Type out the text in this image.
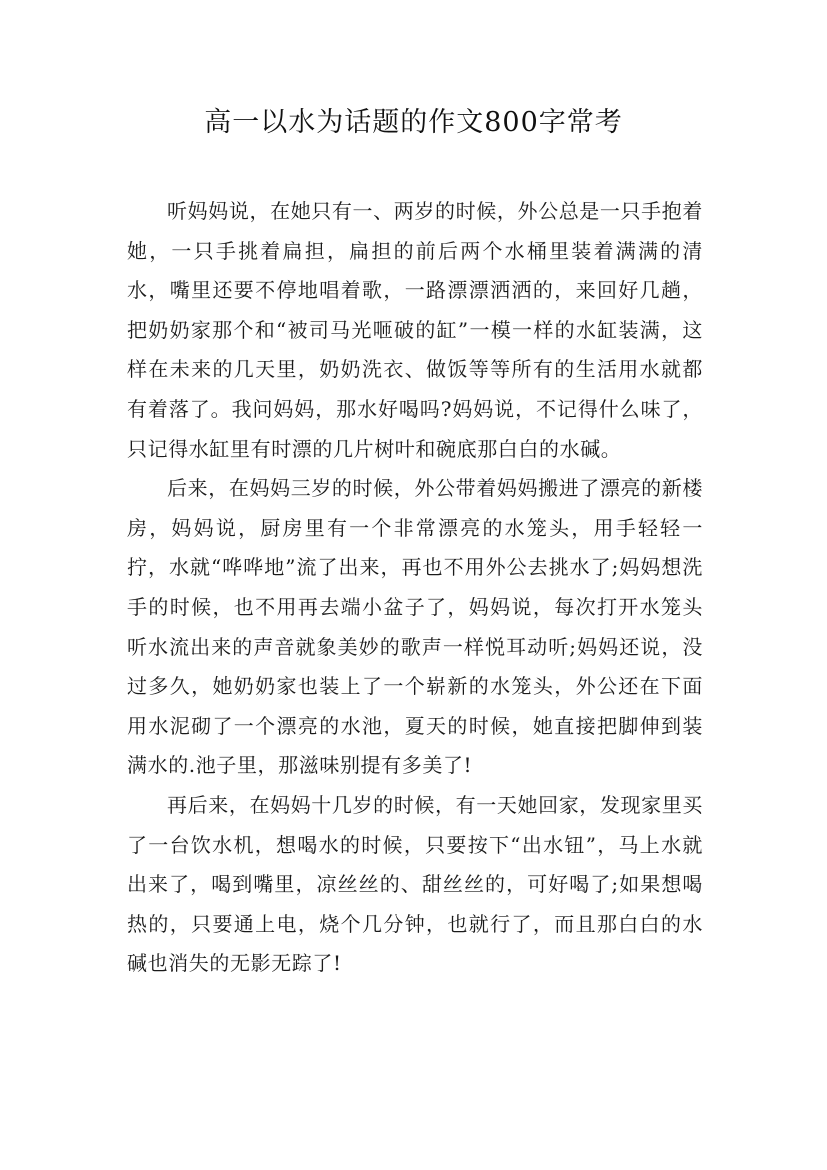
高一以水为话题的作文800字常考

听妈妈说，在她只有一、两岁的时候，外公总是一只手抱着她，一只手挑着扁担，扁担的前后两个水桶里装着满满的清水，嘴里还要不停地唱着歌，一路漂漂洒洒的，来回好几趟，把奶奶家那个和“被司马光咂破的缸”一模一样的水缸装满，这样在未来的几天里，奶奶洗衣、做饭等等所有的生活用水就都有着落了。我问妈妈，那水好喝吗?妈妈说，不记得什么味了，只记得水缸里有时漂的几片树叶和碗底那白白的水碱。

后来，在妈妈三岁的时候，外公带着妈妈搬进了漂亮的新楼房，妈妈说，厨房里有一个非常漂亮的水笼头，用手轻轻一拧，水就“哗哗地”流了出来，再也不用外公去挑水了;妈妈想洗手的时候，也不用再去端小盆子了，妈妈说，每次打开水笼头听水流出来的声音就象美妙的歌声一样悦耳动听;妈妈还说，没过多久，她奶奶家也装上了一个崭新的水笼头，外公还在下面用水泥砌了一个漂亮的水池，夏天的时候，她直接把脚伸到装满水的.池子里，那滋味别提有多美了!

再后来，在妈妈十几岁的时候，有一天她回家，发现家里买了一台饮水机，想喝水的时候，只要按下“出水钮”，马上水就出来了，喝到嘴里，凉丝丝的、甜丝丝的，可好喝了;如果想喝热的，只要通上电，烧个几分钟，也就行了，而且那白白的水碱也消失的无影无踪了!
